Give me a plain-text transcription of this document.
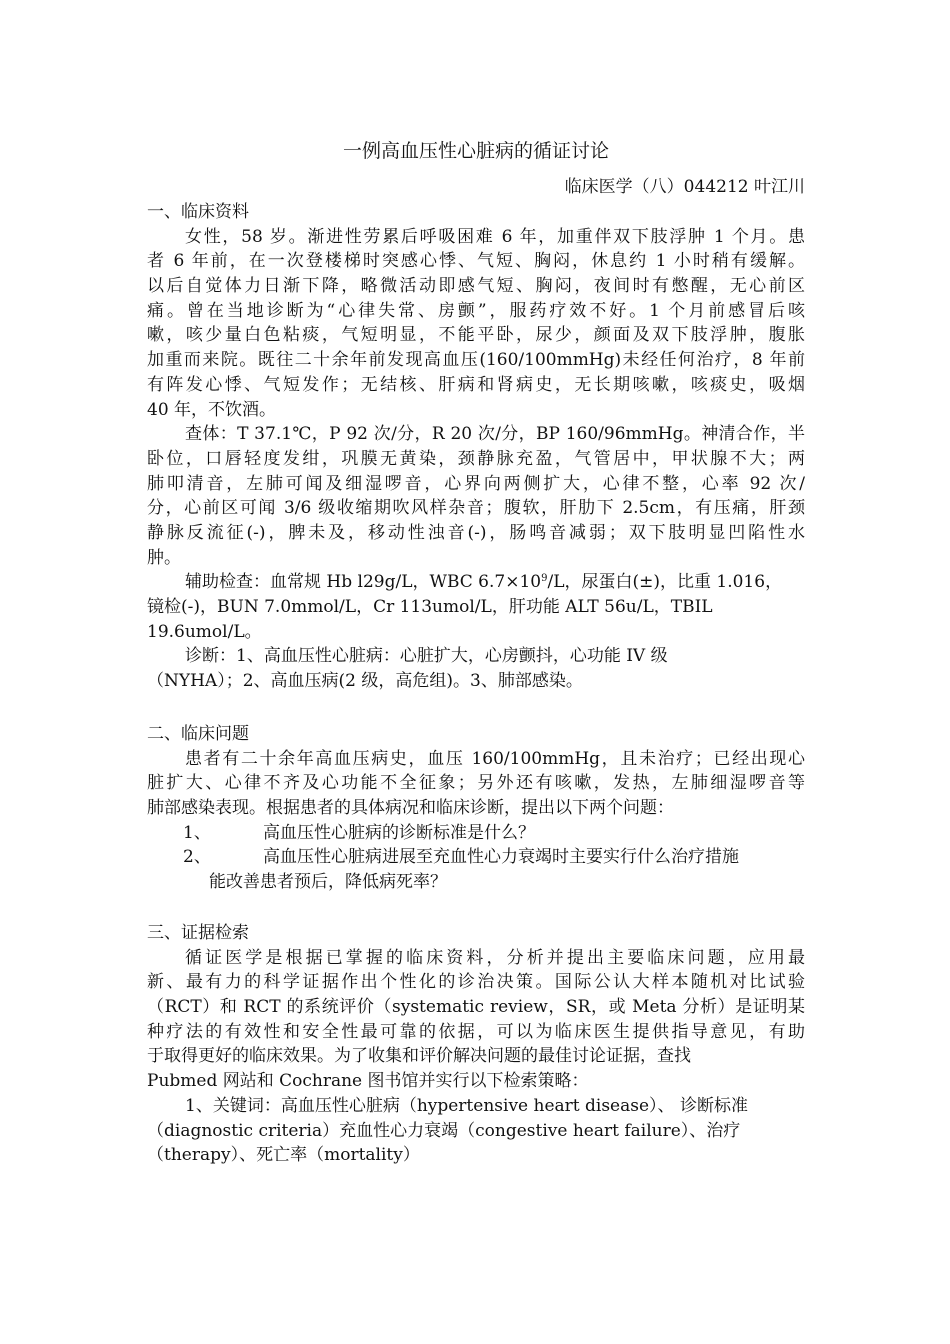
一例高血压性心脏病的循证讨论
临床医学（八）044212 叶江川
一、临床资料
女性，58 岁。渐进性劳累后呼吸困难 6 年，加重伴双下肢浮肿 1 个月。患
者 6 年前，在一次登楼梯时突感心悸、气短、胸闷，休息约 1 小时稍有缓解。
以后自觉体力日渐下降，略微活动即感气短、胸闷，夜间时有憋醒，无心前区
痛。曾在当地诊断为“心律失常、房颤”，服药疗效不好。1 个月前感冒后咳
嗽，咳少量白色粘痰，气短明显，不能平卧，尿少，颜面及双下肢浮肿，腹胀
加重而来院。既往二十余年前发现高血压(160/100mmHg)未经任何治疗，8 年前
有阵发心悸、气短发作；无结核、肝病和肾病史，无长期咳嗽，咳痰史，吸烟
40 年，不饮酒。
查体：T 37.1℃，P 92 次/分，R 20 次/分，BP 160/96mmHg。神清合作，半
卧位，口唇轻度发绀，巩膜无黄染，颈静脉充盈，气管居中，甲状腺不大；两
肺叩清音，左肺可闻及细湿啰音，心界向两侧扩大，心律不整，心率 92 次/
分，心前区可闻 3/6 级收缩期吹风样杂音；腹软，肝肋下 2.5cm，有压痛，肝颈
静脉反流征(-)，脾未及，移动性浊音(-)，肠鸣音减弱；双下肢明显凹陷性水
肿。
辅助检查：血常规 Hb l29g/L，WBC $6.7\times 10^9/L$，尿蛋白(±)，比重 1.016，
镜检(-)，BUN 7.0mmol/L，Cr 113umol/L，肝功能 ALT 56u/L，TBIL
19.6umol/L。
诊断：1、高血压性心脏病：心脏扩大，心房颤抖，心功能 IV 级
（NYHA）；2、高血压病(2 级，高危组)。3、肺部感染。
二、临床问题
患者有二十余年高血压病史，血压 160/100mmHg，且未治疗；已经出现心
脏扩大、心律不齐及心功能不全征象；另外还有咳嗽，发热，左肺细湿啰音等
肺部感染表现。根据患者的具体病况和临床诊断，提出以下两个问题：
1、	高血压性心脏病的诊断标准是什么？
2、	高血压性心脏病进展至充血性心力衰竭时主要实行什么治疗措施
能改善患者预后，降低病死率？
三、证据检索
循证医学是根据已掌握的临床资料，分析并提出主要临床问题，应用最
新、最有力的科学证据作出个性化的诊治决策。国际公认大样本随机对比试验
（RCT）和 RCT 的系统评价（systematic review，SR，或 Meta 分析）是证明某
种疗法的有效性和安全性最可靠的依据，可以为临床医生提供指导意见，有助
于取得更好的临床效果。为了收集和评价解决问题的最佳讨论证据，查找
Pubmed 网站和 Cochrane 图书馆并实行以下检索策略：
1、关键词：高血压性心脏病（hypertensive heart disease）、 诊断标准
（diagnostic criteria）充血性心力衰竭（congestive heart failure）、治疗
（therapy）、死亡率（mortality）
